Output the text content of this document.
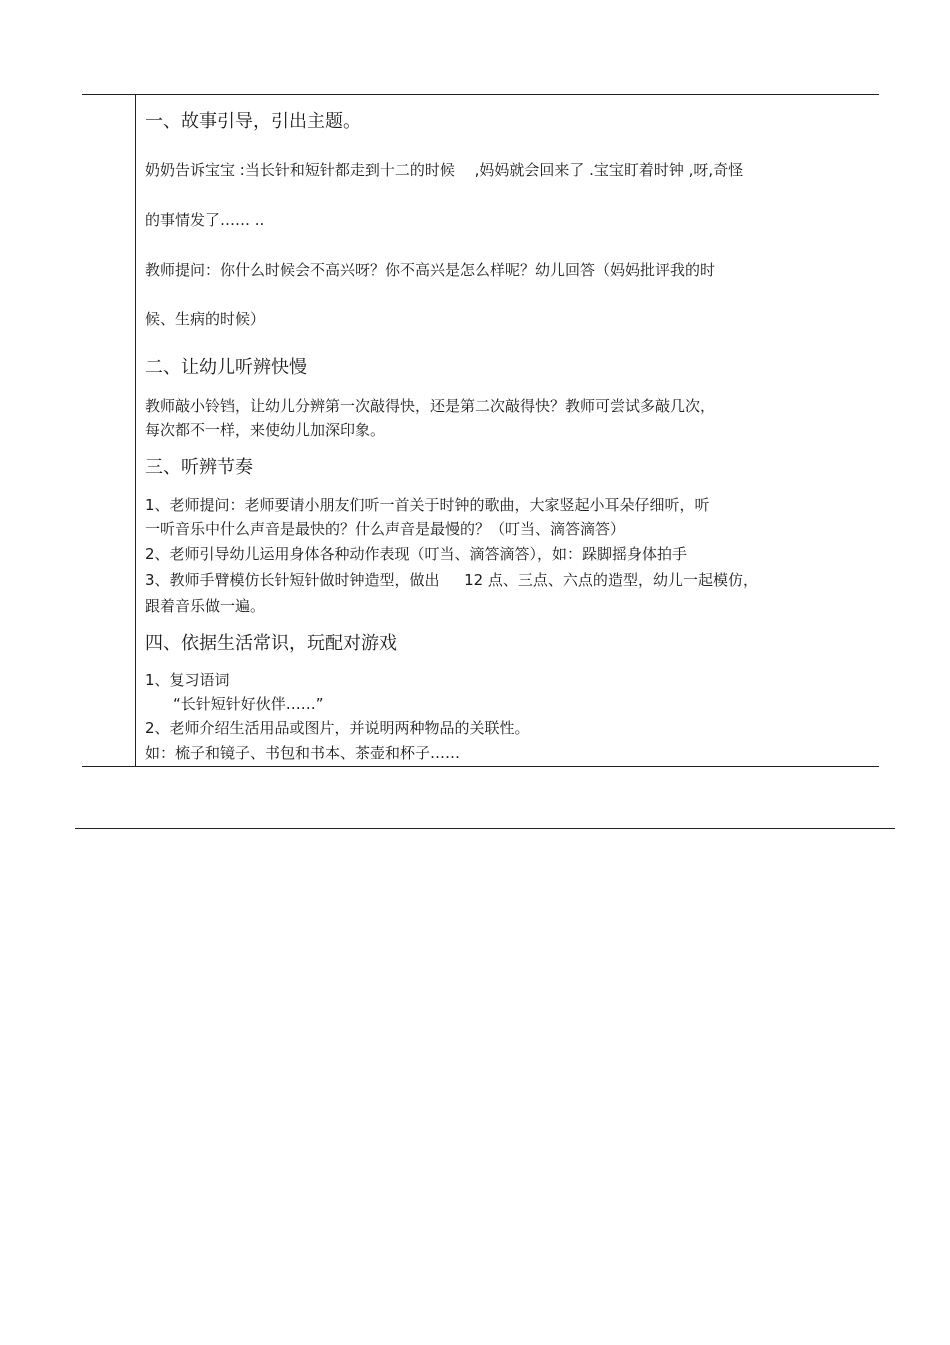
一、故事引导，引出主题。
奶奶告诉宝宝 :当长针和短针都走到十二的时候 　,妈妈就会回来了 .宝宝盯着时钟 ,呀,奇怪
的事情发了…… ..
教师提问：你什么时候会不高兴呀？你不高兴是怎么样呢？幼儿回答（妈妈批评我的时
候、生病的时候）
二、让幼儿听辨快慢
教师敲小铃铛，让幼儿分辨第一次敲得快，还是第二次敲得快？教师可尝试多敲几次，
每次都不一样，来使幼儿加深印象。
三、听辨节奏
1、老师提问：老师要请小朋友们听一首关于时钟的歌曲，大家竖起小耳朵仔细听，听
一听音乐中什么声音是最快的？什么声音是最慢的？（叮当、滴答滴答）
2、老师引导幼儿运用身体各种动作表现（叮当、滴答滴答），如：跺脚摇身体拍手
3、教师手臂模仿长针短针做时钟造型，做出 　 12 点、三点、六点的造型，幼儿一起模仿，
跟着音乐做一遍。
四、依据生活常识，玩配对游戏
1、复习语词
“长针短针好伙伴……”
2、老师介绍生活用品或图片，并说明两种物品的关联性。
如：梳子和镜子、书包和书本、茶壶和杯子……
